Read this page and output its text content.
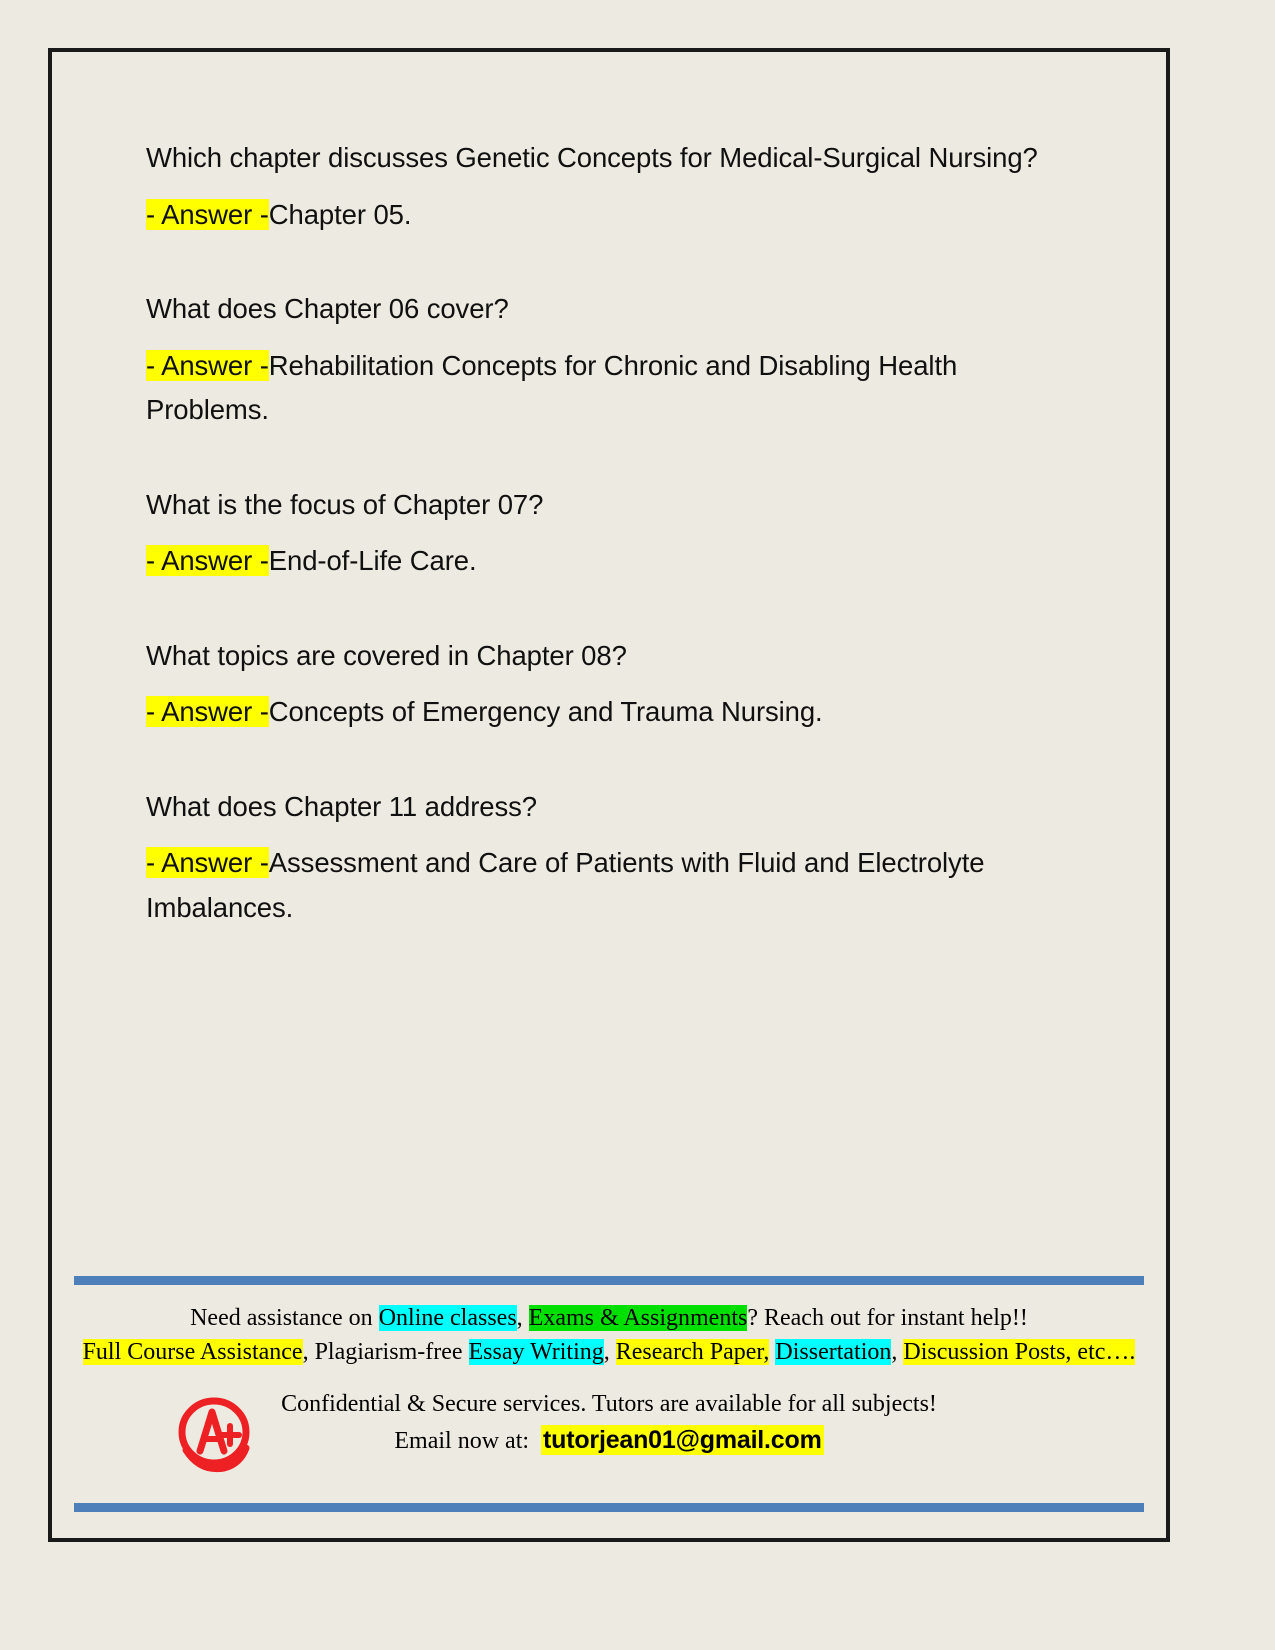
Which chapter discusses Genetic Concepts for Medical-Surgical Nursing?

- Answer -Chapter 05.

What does Chapter 06 cover?

- Answer -Rehabilitation Concepts for Chronic and Disabling Health Problems.

What is the focus of Chapter 07?

- Answer -End-of-Life Care.

What topics are covered in Chapter 08?

- Answer -Concepts of Emergency and Trauma Nursing.

What does Chapter 11 address?

- Answer -Assessment and Care of Patients with Fluid and Electrolyte Imbalances.

Need assistance on Online classes, Exams & Assignments? Reach out for instant help!!
Full Course Assistance, Plagiarism-free Essay Writing, Research Paper, Dissertation, Discussion Posts, etc….
Confidential & Secure services. Tutors are available for all subjects!
Email now at: tutorjean01@gmail.com
